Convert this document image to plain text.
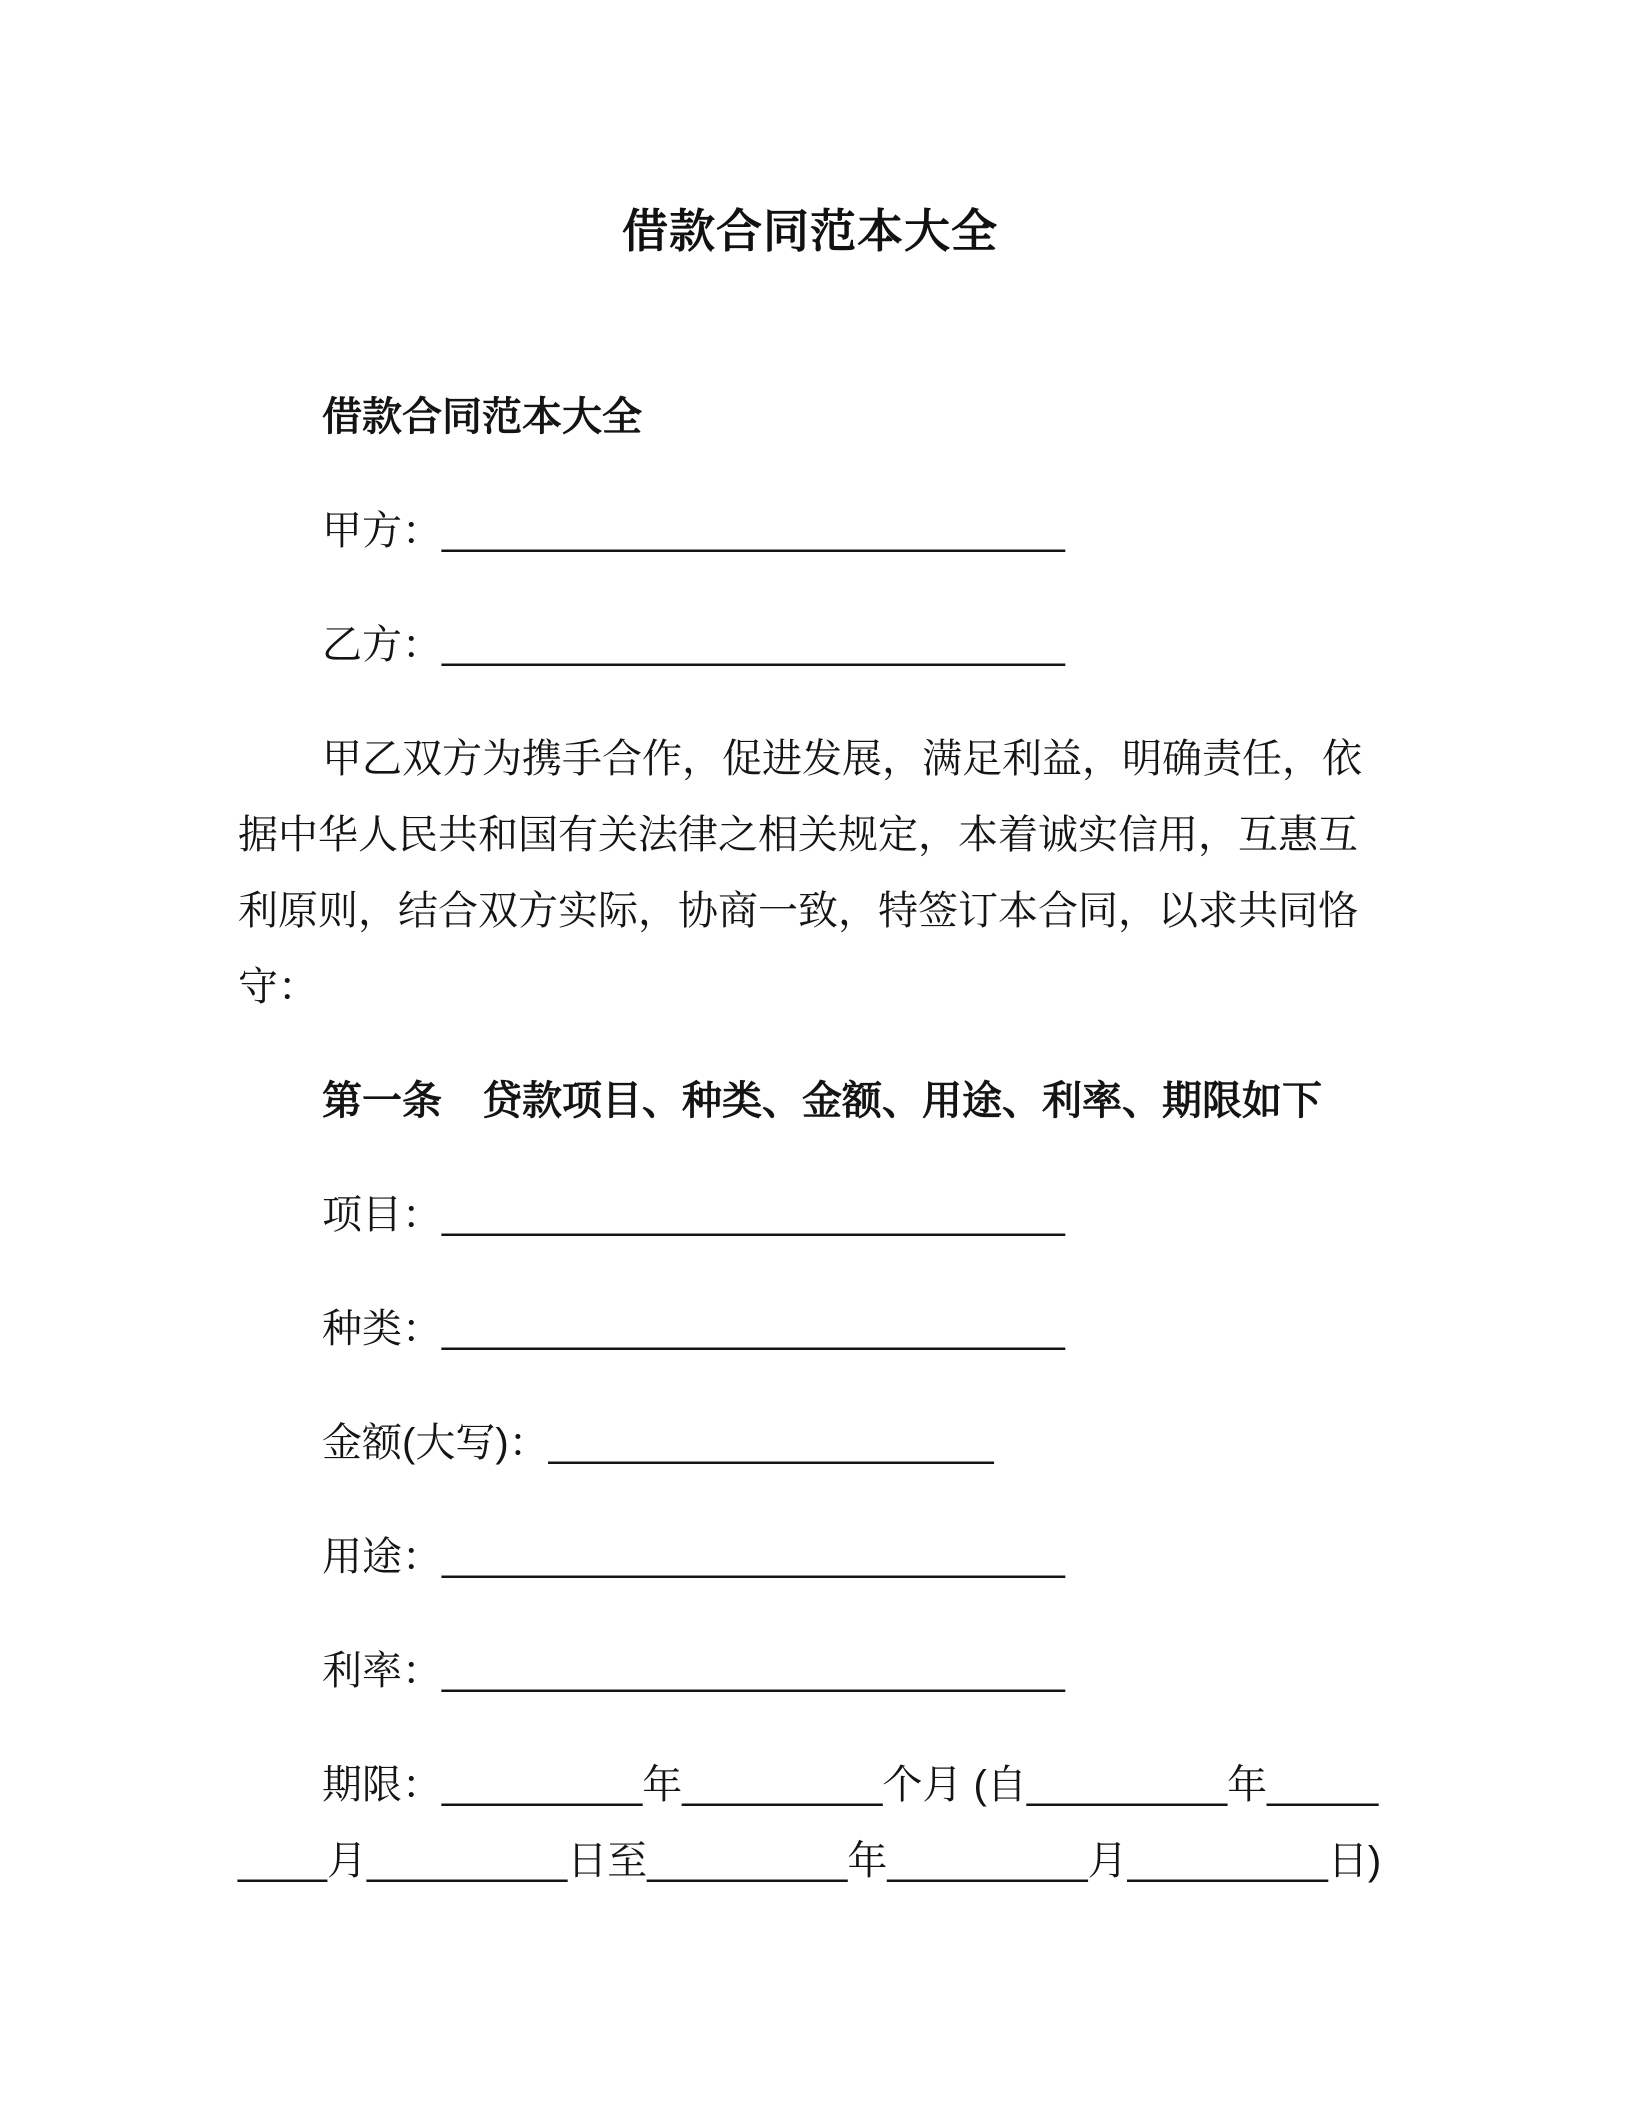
借款合同范本大全

借款合同范本大全

甲方：____________________________

乙方：____________________________

甲乙双方为携手合作，促进发展，满足利益，明确责任，依据中华人民共和国有关法律之相关规定，本着诚实信用，互惠互利原则，结合双方实际，协商一致，特签订本合同，以求共同恪守：

第一条　贷款项目、种类、金额、用途、利率、期限如下

项目：____________________________

种类：____________________________

金额(大写)：____________________

用途：____________________________

利率：____________________________

期限：_________年_________个月 (自_________年_________月_________日至_________年_________月_________日)
